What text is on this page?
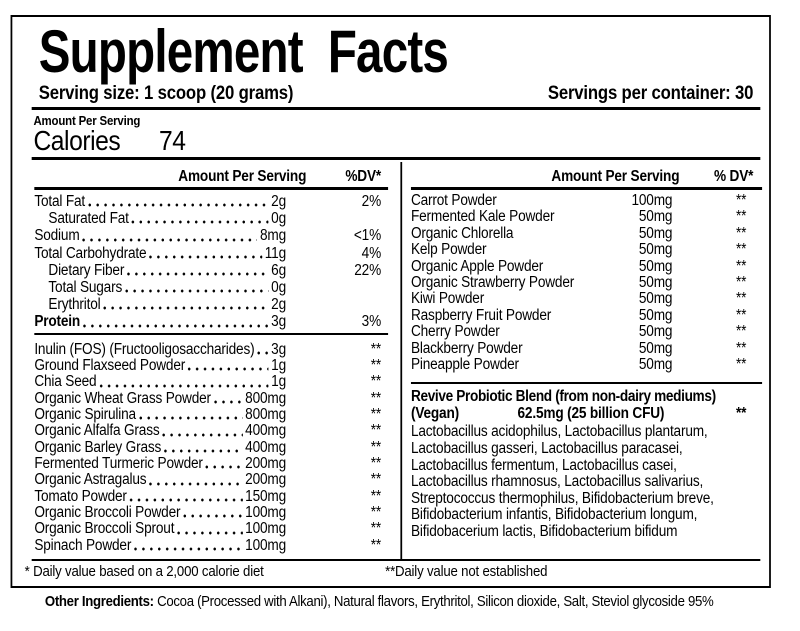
Supplement Facts
Serving size: 1 scoop (20 grams)	Servings per container: 30
Amount Per Serving
Calories 74
Amount Per Serving	%DV*
Total Fat	2g	2%
Saturated Fat	0g
Sodium	8mg	<1%
Total Carbohydrate	11g	4%
Dietary Fiber	6g	22%
Total Sugars	0g
Erythritol	2g
Protein	3g	3%
Inulin (FOS) (Fructooligosaccharides) 3g	**
Ground Flaxseed Powder	1g	**
Chia Seed	1g	**
Organic Wheat Grass Powder 800mg	**
Organic Spirulina	800mg	**
Organic Alfalfa Grass	400mg	**
Organic Barley Grass	400mg	**
Fermented Turmeric Powder	200mg	**
Organic Astragalus	200mg	**
Tomato Powder	150mg	**
Organic Broccoli Powder	100mg	**
Organic Broccoli Sprout	100mg	**
Spinach Powder	100mg	**
Amount Per Serving	% DV*
Carrot Powder	100mg	**
Fermented Kale Powder	50mg	**
Organic Chlorella	50mg	**
Kelp Powder	50mg	**
Organic Apple Powder	50mg	**
Organic Strawberry Powder	50mg	**
Kiwi Powder	50mg	**
Raspberry Fruit Powder	50mg	**
Cherry Powder	50mg	**
Blackberry Powder	50mg	**
Pineapple Powder	50mg	**
Revive Probiotic Blend (from non-dairy mediums)
(Vegan)	62.5mg (25 billion CFU)	**
Lactobacillus acidophilus, Lactobacillus plantarum, Lactobacillus gasseri, Lactobacillus paracasei, Lactobacillus fermentum, Lactobacillus casei, Lactobacillus rhamnosus, Lactobacillus salivarius, Streptococcus thermophilus, Bifidobacterium breve, Bifidobacterium infantis, Bifidobacterium longum, Bifidobacerium lactis, Bifidobacterium bifidum
* Daily value based on a 2,000 calorie diet	**Daily value not established
Other Ingredients: Cocoa (Processed with Alkani), Natural flavors, Erythritol, Silicon dioxide, Salt, Steviol glycoside 95%
